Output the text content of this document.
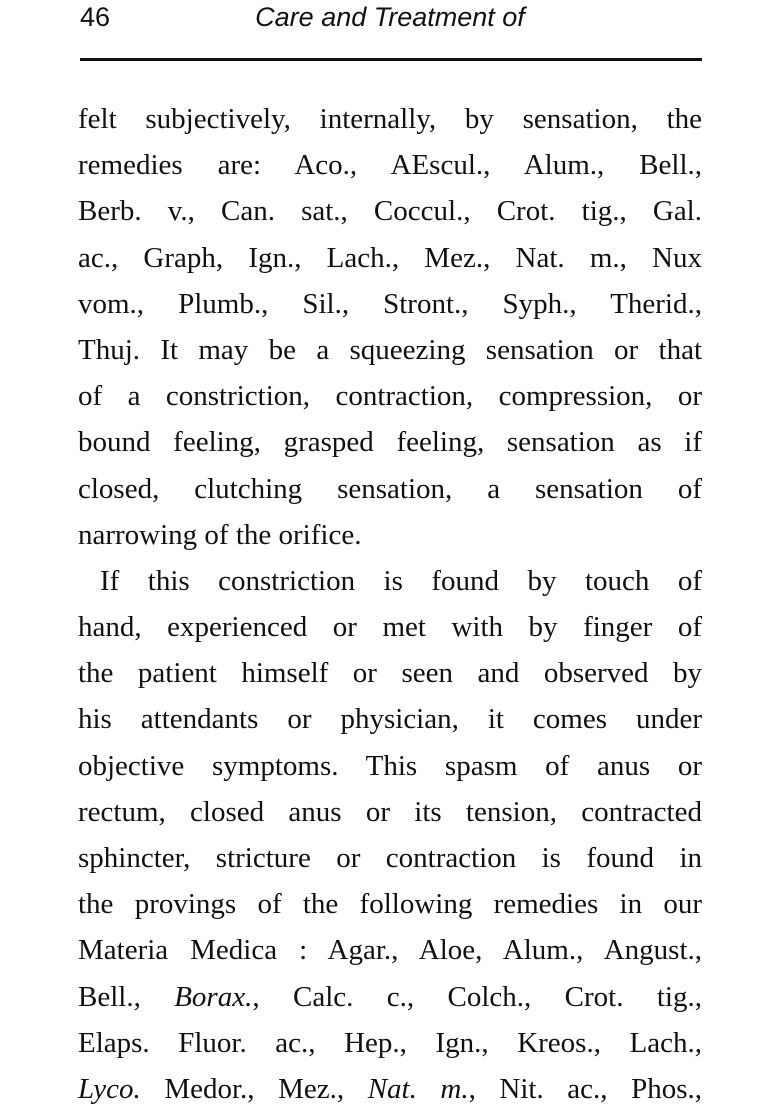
46	Care and Treatment of
felt subjectively, internally, by sensation, the
remedies are: Aco., AEscul., Alum., Bell.,
Berb. v., Can. sat., Coccul., Crot. tig., Gal.
ac., Graph, Ign., Lach., Mez., Nat. m., Nux
vom., Plumb., Sil., Stront., Syph., Therid.,
Thuj. It may be a squeezing sensation or that
of a constriction, contraction, compression, or
bound feeling, grasped feeling, sensation as if
closed, clutching sensation, a sensation of
narrowing of the orifice.
If this constriction is found by touch of
hand, experienced or met with by finger of
the patient himself or seen and observed by
his attendants or physician, it comes under
objective symptoms. This spasm of anus or
rectum, closed anus or its tension, contracted
sphincter, stricture or contraction is found in
the provings of the following remedies in our
Materia Medica : Agar., Aloe, Alum., Angust.,
Bell., Borax., Calc. c., Colch., Crot. tig.,
Elaps. Fluor. ac., Hep., Ign., Kreos., Lach.,
Lyco. Medor., Mez., Nat. m., Nit. ac., Phos.,
